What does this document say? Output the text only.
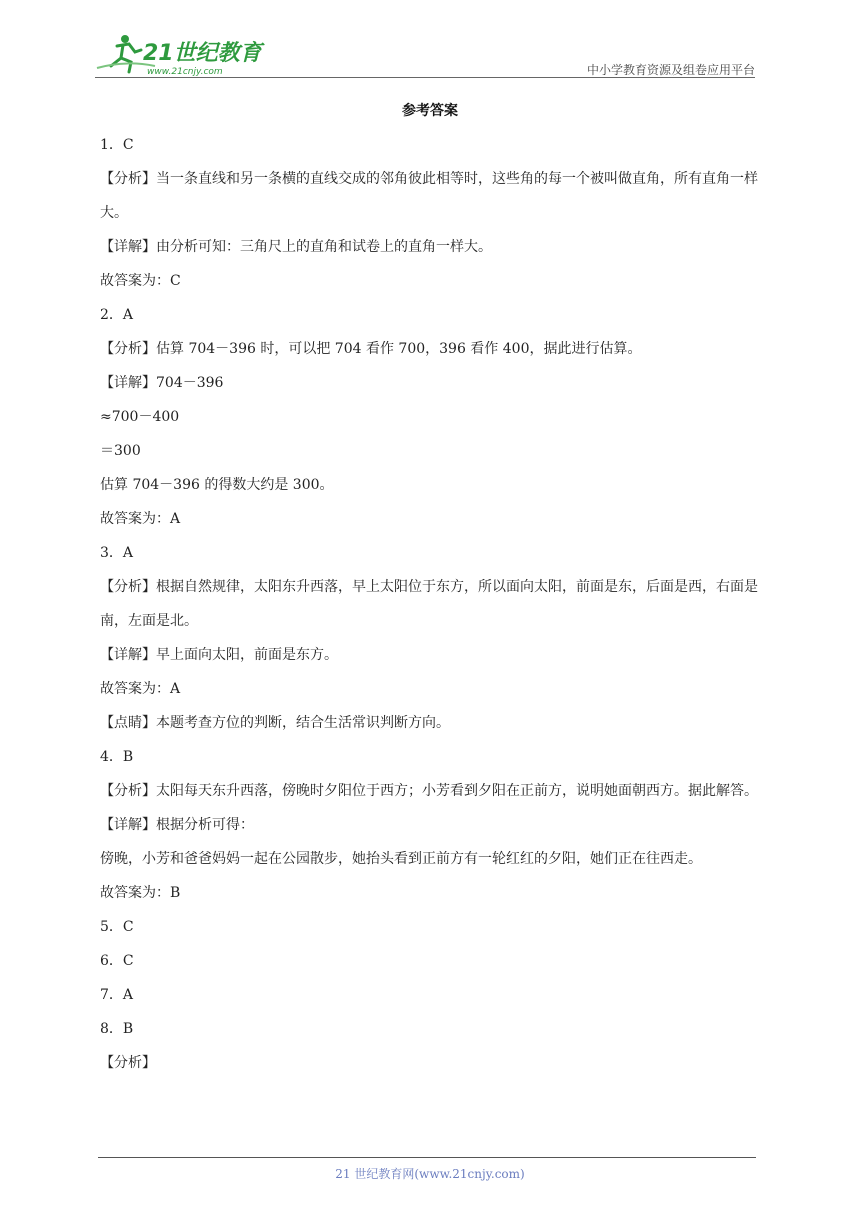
21世纪教育
www.21cnjy.com	中小学教育资源及组卷应用平台
参考答案

1．C

【分析】当一条直线和另一条横的直线交成的邻角彼此相等时，这些角的每一个被叫做直角，所有直角一样大。

【详解】由分析可知：三角尺上的直角和试卷上的直角一样大。

故答案为：C

2．A

【分析】估算 704－396 时，可以把 704 看作 700，396 看作 400，据此进行估算。

【详解】704－396

≈700－400

＝300

估算 704－396 的得数大约是 300。

故答案为：A

3．A

【分析】根据自然规律，太阳东升西落，早上太阳位于东方，所以面向太阳，前面是东，后面是西，右面是南，左面是北。

【详解】早上面向太阳，前面是东方。

故答案为：A

【点睛】本题考查方位的判断，结合生活常识判断方向。

4．B

【分析】太阳每天东升西落，傍晚时夕阳位于西方；小芳看到夕阳在正前方，说明她面朝西方。据此解答。

【详解】根据分析可得：

傍晚，小芳和爸爸妈妈一起在公园散步，她抬头看到正前方有一轮红红的夕阳，她们正在往西走。

故答案为：B

5．C

6．C

7．A

8．B

【分析】

21 世纪教育网(www.21cnjy.com)
